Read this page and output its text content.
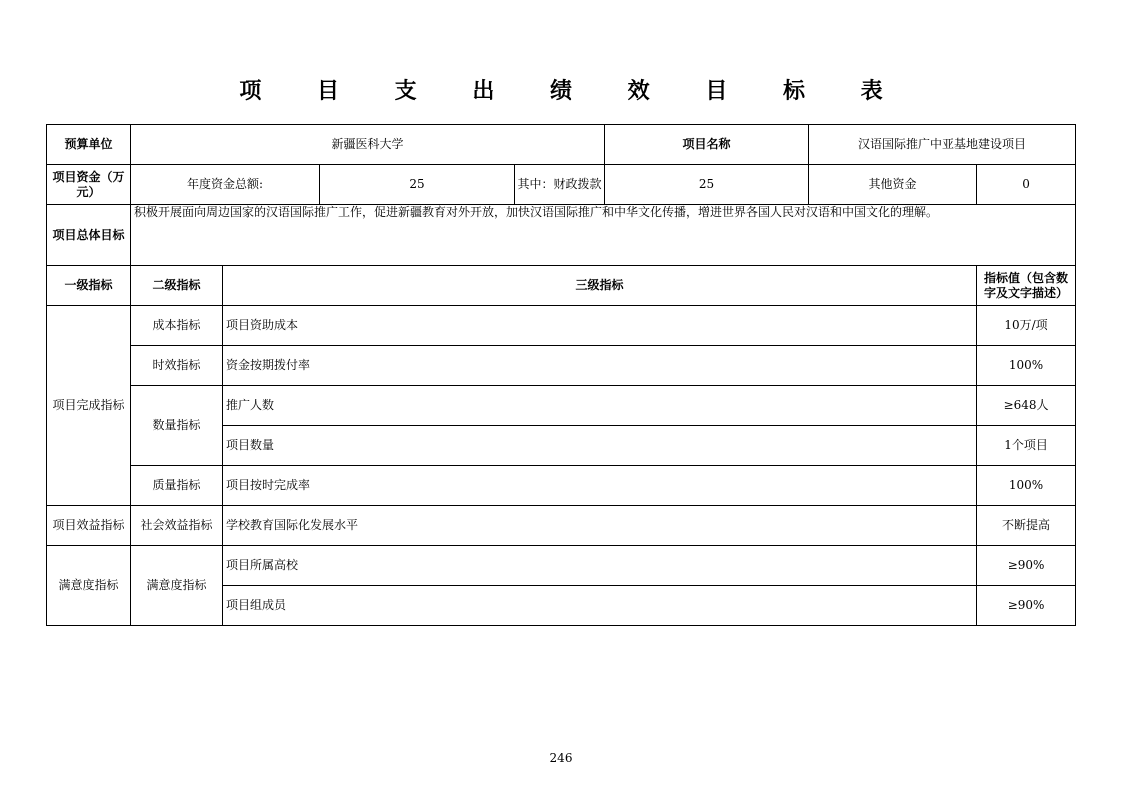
项 目 支 出 绩 效 目 标 表
预算单位	新疆医科大学				项目名称	汉语国际推广中亚基地建设项目	
项目资金（万元）	年度资金总额:		25	其中：财政拨款	25	其他资金	0
项目总体目标	积极开展面向周边国家的汉语国际推广工作，促进新疆教育对外开放，加快汉语国际推广和中华文化传播，增进世界各国人民对汉语和中国文化的理解。						
一级指标	二级指标	三级指标					指标值（包含数字及文字描述）
项目完成指标	成本指标	项目资助成本					10万/项
	时效指标	资金按期拨付率					100%
	数量指标	推广人数					≥648人
		项目数量					1个项目
	质量指标	项目按时完成率					100%
项目效益指标	社会效益指标	学校教育国际化发展水平					不断提高
满意度指标	满意度指标	项目所属高校					≥90%
		项目组成员					≥90%
246
